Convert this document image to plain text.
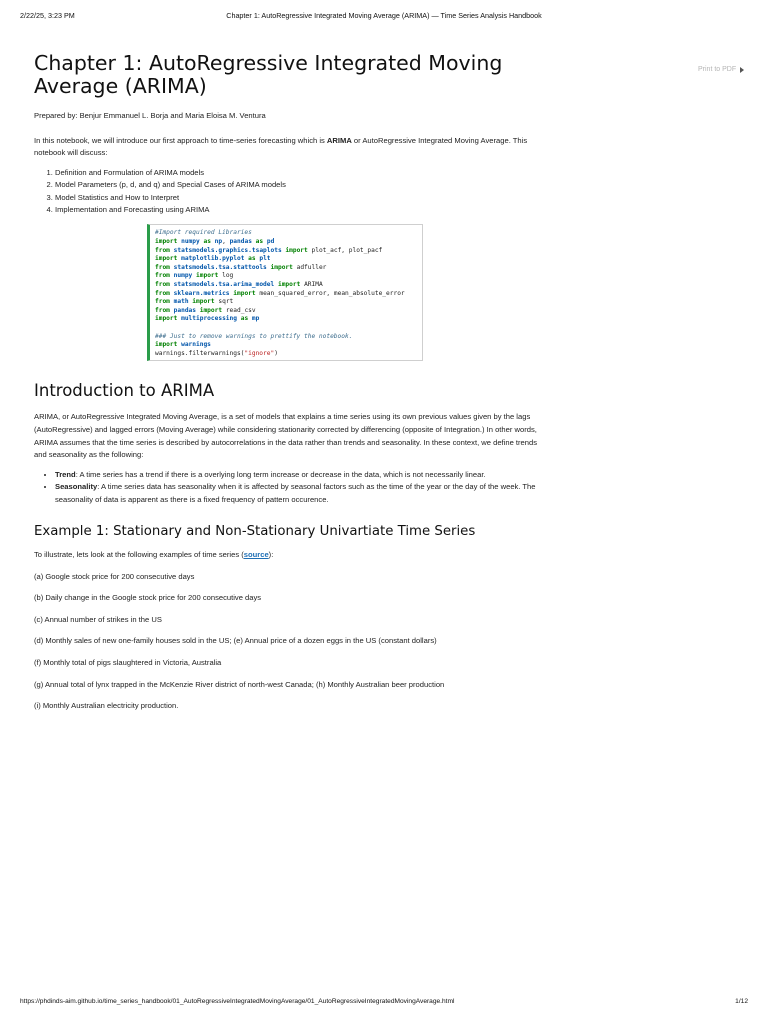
2/22/25, 3:23 PM	Chapter 1: AutoRegressive Integrated Moving Average (ARIMA) — Time Series Analysis Handbook
Print to PDF
Chapter 1: AutoRegressive Integrated Moving Average (ARIMA)

Prepared by: Benjur Emmanuel L. Borja and Maria Eloisa M. Ventura

In this notebook, we will introduce our first approach to time-series forecasting which is ARIMA or AutoRegressive Integrated Moving Average. This notebook will discuss:

1. Definition and Formulation of ARIMA models
2. Model Parameters (p, d, and q) and Special Cases of ARIMA models
3. Model Statistics and How to Interpret
4. Implementation and Forecasting using ARIMA
#Import required Libraries
import numpy as np, pandas as pd
from statsmodels.graphics.tsaplots import plot_acf, plot_pacf
import matplotlib.pyplot as plt
from statsmodels.tsa.stattools import adfuller
from numpy import log
from statsmodels.tsa.arima_model import ARIMA
from sklearn.metrics import mean_squared_error, mean_absolute_error
from math import sqrt
from pandas import read_csv
import multiprocessing as mp

### Just to remove warnings to prettify the notebook.
import warnings
warnings.filterwarnings("ignore")
Introduction to ARIMA

ARIMA, or AutoRegressive Integrated Moving Average, is a set of models that explains a time series using its own previous values given by the lags (AutoRegressive) and lagged errors (Moving Average) while considering stationarity corrected by differencing (opposite of Integration.) In other words, ARIMA assumes that the time series is described by autocorrelations in the data rather than trends and seasonality. In these context, we define trends and seasonality as the following:

• Trend: A time series has a trend if there is a overlying long term increase or decrease in the data, which is not necessarily linear.
• Seasonality: A time series data has seasonality when it is affected by seasonal factors such as the time of the year or the day of the week. The seasonality of data is apparent as there is a fixed frequency of pattern occurence.
Example 1: Stationary and Non-Stationary Univartiate Time Series

To illustrate, lets look at the following examples of time series (source):

(a) Google stock price for 200 consecutive days

(b) Daily change in the Google stock price for 200 consecutive days

(c) Annual number of strikes in the US

(d) Monthly sales of new one-family houses sold in the US; (e) Annual price of a dozen eggs in the US (constant dollars)

(f) Monthly total of pigs slaughtered in Victoria, Australia

(g) Annual total of lynx trapped in the McKenzie River district of north-west Canada; (h) Monthly Australian beer production

(i) Monthly Australian electricity production.

https://phdinds-aim.github.io/time_series_handbook/01_AutoRegressiveIntegratedMovingAverage/01_AutoRegressiveIntegratedMovingAverage.html	1/12
